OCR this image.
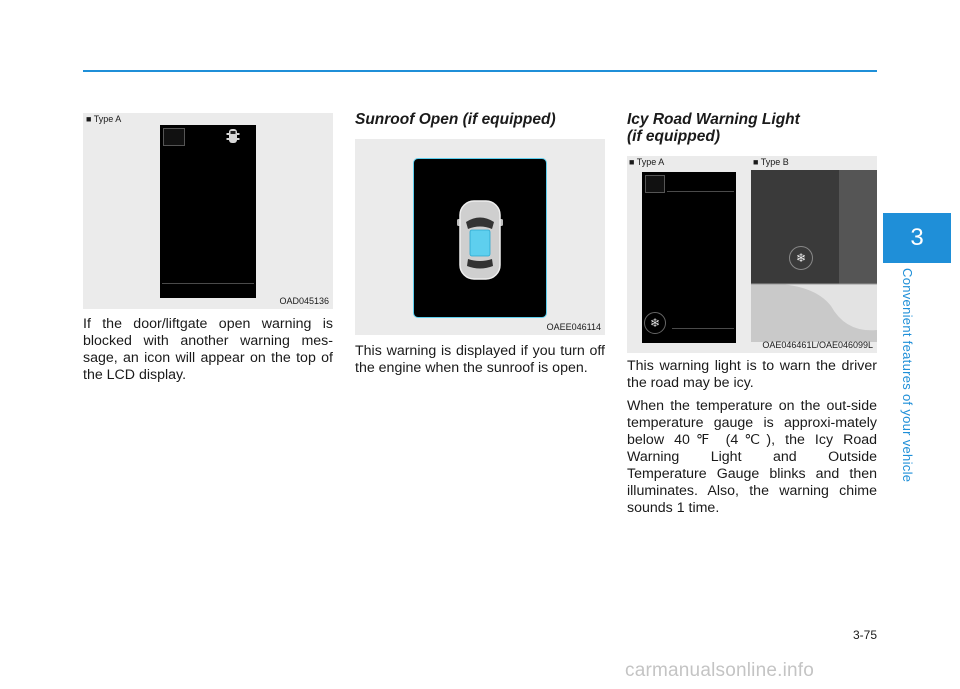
■ Type A
OAD045136

If the door/liftgate open warning is blocked with another warning mes-sage, an icon will appear on the top of the LCD display.

Sunroof Open (if equipped)
OAEE046114

This warning is displayed if you turn off the engine when the sunroof is open.

Icy Road Warning Light
(if equipped)
■ Type A	■ Type B
❄
❄
OAE046461L/OAE046099L

This warning light is to warn the driver the road may be icy.

When the temperature on the out-side temperature gauge is approxi-mately below 40℉ (4℃), the Icy Road Warning Light and Outside Temperature Gauge blinks and then illuminates. Also, the warning chime sounds 1 time.

3
Convenient features of your vehicle
3-75
carmanualsonline.info
